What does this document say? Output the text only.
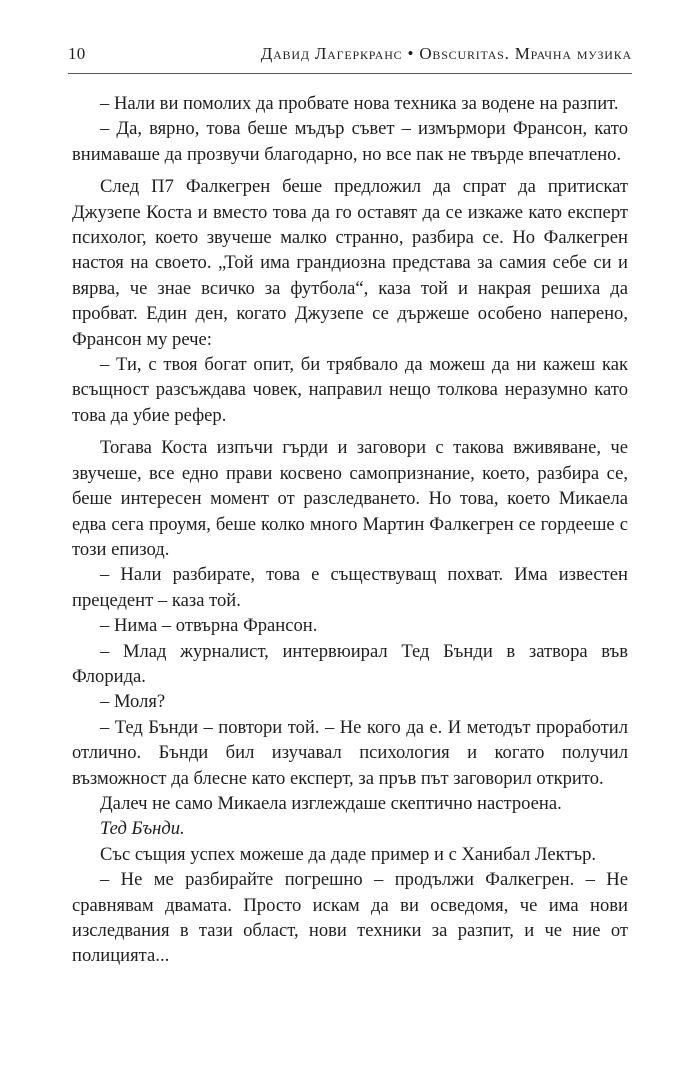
10	Давид Лагеркранс • Obscuritas. Мрачна музика

– Нали ви помолих да пробвате нова техника за водене на разпит.

– Да, вярно, това беше мъдър съвет – измърмори Франсон, като внимаваше да прозвучи благодарно, но все пак не твърде впечатлено.

След П7 Фалкегрен беше предложил да спрат да притискат Джузепе Коста и вместо това да го оставят да се изкаже като експерт психолог, което звучеше малко странно, разбира се. Но Фалкегрен настоя на своето. „Той има грандиозна представа за самия себе си и вярва, че знае всичко за футбола“, каза той и накрая решиха да пробват. Един ден, когато Джузепе се държеше особено наперено, Франсон му рече:

– Ти, с твоя богат опит, би трябвало да можеш да ни кажеш как всъщност разсъждава човек, направил нещо толкова неразумно като това да убие рефер.

Тогава Коста изпъчи гърди и заговори с такова вживяване, че звучеше, все едно прави косвено самопризнание, което, разбира се, беше интересен момент от разследването. Но това, което Микаела едва сега проумя, беше колко много Мартин Фалкегрен се гордееше с този епизод.

– Нали разбирате, това е съществуващ похват. Има известен прецедент – каза той.

– Нима – отвърна Франсон.

– Млад журналист, интервюирал Тед Бънди в затвора във Флорида.

– Моля?

– Тед Бънди – повтори той. – Не кого да е. И методът проработил отлично. Бънди бил изучавал психология и когато получил възможност да блесне като експерт, за пръв път заговорил открито.

Далеч не само Микаела изглеждаше скептично настроена.

Тед Бънди.

Със същия успех можеше да даде пример и с Ханибал Лектър.

– Не ме разбирайте погрешно – продължи Фалкегрен. – Не сравнявам двамата. Просто искам да ви осведомя, че има нови изследвания в тази област, нови техники за разпит, и че ние от полицията...
